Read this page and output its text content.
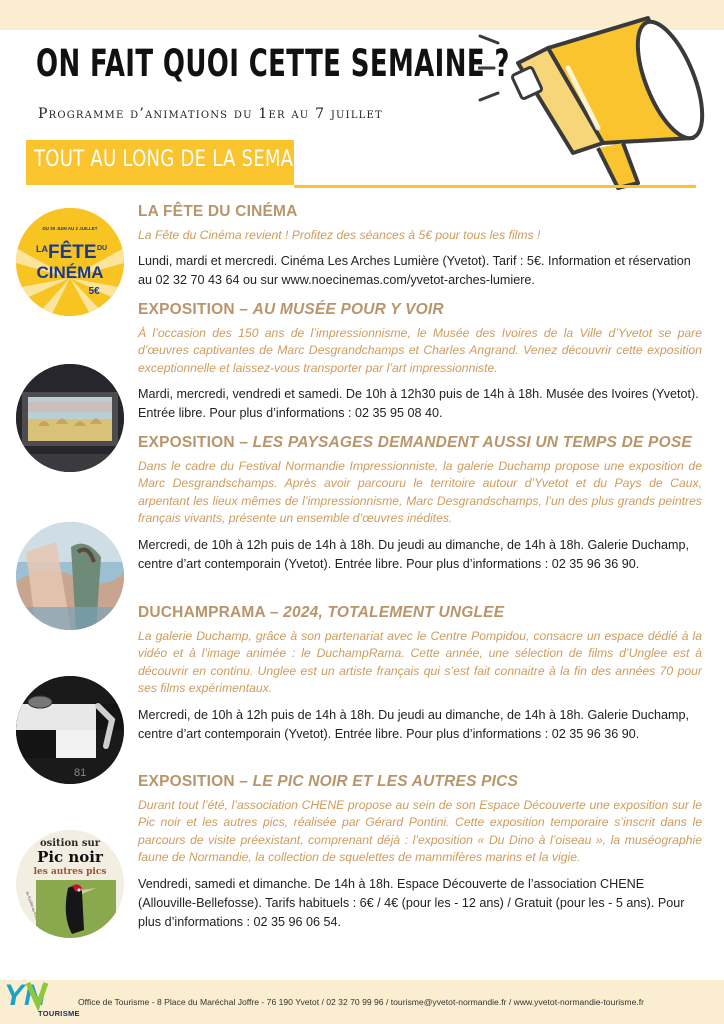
ON FAIT QUOI CETTE SEMAINE ?
Programme d’animations du 1er au 7 juillet
TOUT AU LONG DE LA SEMAINE
DU 30 JUIN AU 2 JUILLET
LA FÊTE DU
CINÉMA
5€
LA FÊTE DU CINÉMA
La Fête du Cinéma revient ! Profitez des séances à 5€ pour tous les films !
Lundi, mardi et mercredi. Cinéma Les Arches Lumière (Yvetot). Tarif : 5€. Information et réservation au 02 32 70 43 64 ou sur www.noecinemas.com/yvetot-arches-lumiere.
EXPOSITION – AU MUSÉE POUR Y VOIR
À l’occasion des 150 ans de l’impressionnisme, le Musée des Ivoires de la Ville d’Yvetot se pare d’œuvres captivantes de Marc Desgrandchamps et Charles Angrand. Venez découvrir cette exposition exceptionnelle et laissez-vous transporter par l’art impressionniste.
Mardi, mercredi, vendredi et samedi. De 10h à 12h30 puis de 14h à 18h. Musée des Ivoires (Yvetot). Entrée libre. Pour plus d’informations : 02 35 95 08 40.
EXPOSITION – LES PAYSAGES DEMANDENT AUSSI UN TEMPS DE POSE
Dans le cadre du Festival Normandie Impressionniste, la galerie Duchamp propose une exposition de Marc Desgrandschamps. Après avoir parcouru le territoire autour d’Yvetot et du Pays de Caux, arpentant les lieux mêmes de l’impressionnisme, Marc Desgrandschamps, l’un des plus grands peintres français vivants, présente un ensemble d’œuvres inédites.
Mercredi, de 10h à 12h puis de 14h à 18h. Du jeudi au dimanche, de 14h à 18h. Galerie Duchamp, centre d’art contemporain (Yvetot). Entrée libre. Pour plus d’informations : 02 35 96 36 90.
81
DUCHAMPRAMA – 2024, TOTALEMENT UNGLEE
La galerie Duchamp, grâce à son partenariat avec le Centre Pompidou, consacre un espace dédié à la vidéo et à l’image animée : le DuchampRama. Cette année, une sélection de films d’Unglee est à découvrir en continu. Unglee est un artiste français qui s’est fait connaitre à la fin des années 70 pour ses films expérimentaux.
Mercredi, de 10h à 12h puis de 14h à 18h. Du jeudi au dimanche, de 14h à 18h. Galerie Duchamp, centre d’art contemporain (Yvetot). Entrée libre. Pour plus d’informations : 02 35 96 36 90.
osition sur
Pic noir
les autres pics
du 5 juillet au 6 de
EXPOSITION – LE PIC NOIR ET LES AUTRES PICS
Durant tout l’été, l’association CHENE propose au sein de son Espace Découverte une exposition sur le Pic noir et les autres pics, réalisée par Gérard Pontini. Cette exposition temporaire s’inscrit dans le parcours de visite préexistant, comprenant déjà : l’exposition « Du Dino à l’oiseau », la muséographie faune de Normandie, la collection de squelettes de mammifères marins et la vigie.
Vendredi, samedi et dimanche. De 14h à 18h. Espace Découverte de l’association CHENE (Allouville-Bellefosse). Tarifs habituels : 6€ / 4€ (pour les - 12 ans) / Gratuit (pour les - 5 ans). Pour plus d’informations : 02 35 96 06 54.
YN
TOURISME
Office de Tourisme - 8 Place du Maréchal Joffre - 76 190 Yvetot / 02 32 70 99 96 / tourisme@yvetot-normandie.fr / www.yvetot-normandie-tourisme.fr
